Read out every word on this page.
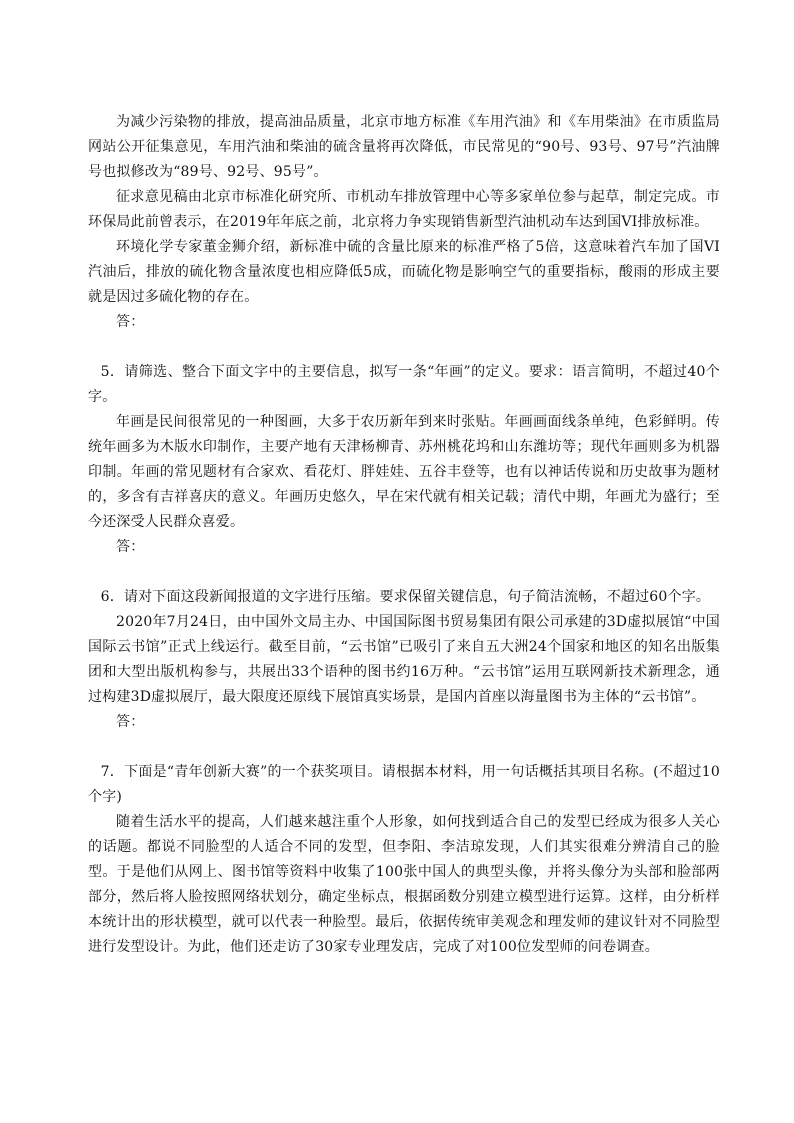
为减少污染物的排放，提高油品质量，北京市地方标准《车用汽油》和《车用柴油》在市质监局网站公开征集意见，车用汽油和柴油的硫含量将再次降低，市民常见的“90号、93号、97号”汽油牌号也拟修改为“89号、92号、95号”。

征求意见稿由北京市标准化研究所、市机动车排放管理中心等多家单位参与起草，制定完成。市环保局此前曾表示，在2019年年底之前，北京将力争实现销售新型汽油机动车达到国VI排放标准。

环境化学专家董金狮介绍，新标准中硫的含量比原来的标准严格了5倍，这意味着汽车加了国VI汽油后，排放的硫化物含量浓度也相应降低5成，而硫化物是影响空气的重要指标，酸雨的形成主要就是因过多硫化物的存在。

答：

5．请筛选、整合下面文字中的主要信息，拟写一条“年画”的定义。要求：语言简明，不超过40个字。

年画是民间很常见的一种图画，大多于农历新年到来时张贴。年画画面线条单纯，色彩鲜明。传统年画多为木版水印制作，主要产地有天津杨柳青、苏州桃花坞和山东潍坊等；现代年画则多为机器印制。年画的常见题材有合家欢、看花灯、胖娃娃、五谷丰登等，也有以神话传说和历史故事为题材的，多含有吉祥喜庆的意义。年画历史悠久，早在宋代就有相关记载；清代中期，年画尤为盛行；至今还深受人民群众喜爱。

答：

6．请对下面这段新闻报道的文字进行压缩。要求保留关键信息，句子简洁流畅，不超过60个字。

2020年7月24日，由中国外文局主办、中国国际图书贸易集团有限公司承建的3D虚拟展馆“中国国际云书馆”正式上线运行。截至目前，“云书馆”已吸引了来自五大洲24个国家和地区的知名出版集团和大型出版机构参与，共展出33个语种的图书约16万种。“云书馆”运用互联网新技术新理念，通过构建3D虚拟展厅，最大限度还原线下展馆真实场景，是国内首座以海量图书为主体的“云书馆”。

答：

7．下面是“青年创新大赛”的一个获奖项目。请根据本材料，用一句话概括其项目名称。(不超过10个字)

随着生活水平的提高，人们越来越注重个人形象，如何找到适合自己的发型已经成为很多人关心的话题。都说不同脸型的人适合不同的发型，但李阳、李洁琼发现，人们其实很难分辨清自己的脸型。于是他们从网上、图书馆等资料中收集了100张中国人的典型头像，并将头像分为头部和脸部两部分，然后将人脸按照网络状划分，确定坐标点，根据函数分别建立模型进行运算。这样，由分析样本统计出的形状模型，就可以代表一种脸型。最后，依据传统审美观念和理发师的建议针对不同脸型进行发型设计。为此，他们还走访了30家专业理发店，完成了对100位发型师的问卷调查。
